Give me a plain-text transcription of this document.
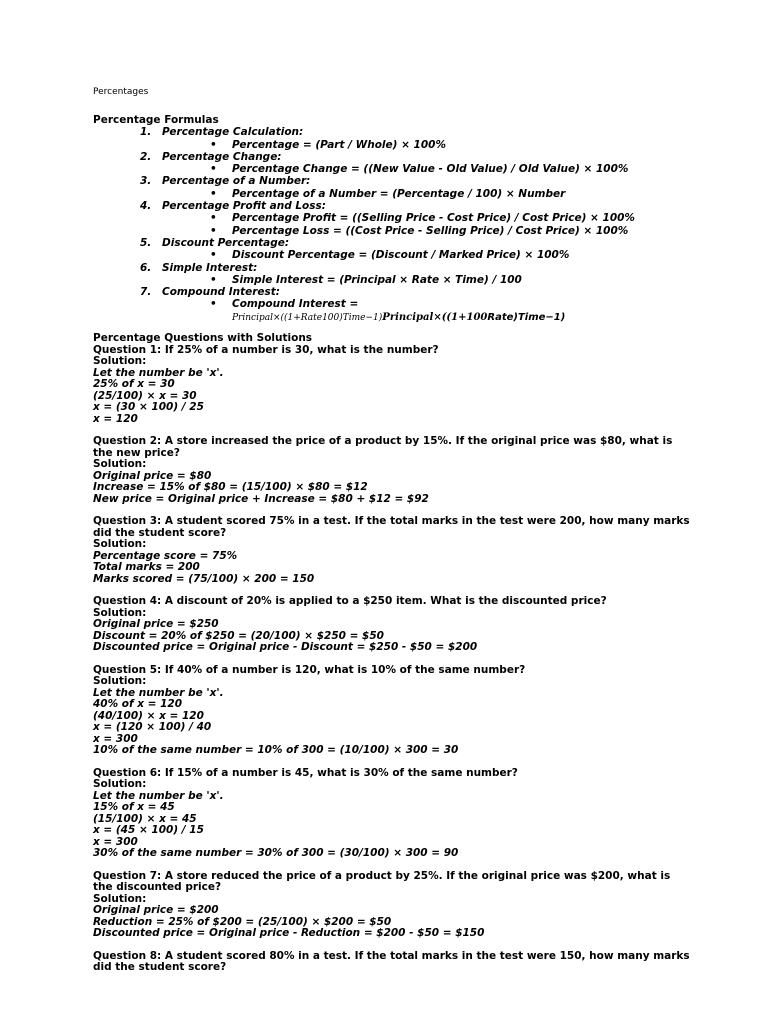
Percentages
Percentage Formulas
1. Percentage Calculation:
• Percentage = (Part / Whole) × 100%
2. Percentage Change:
• Percentage Change = ((New Value - Old Value) / Old Value) × 100%
3. Percentage of a Number:
• Percentage of a Number = (Percentage / 100) × Number
4. Percentage Profit and Loss:
• Percentage Profit = ((Selling Price - Cost Price) / Cost Price) × 100%
• Percentage Loss = ((Cost Price - Selling Price) / Cost Price) × 100%
5. Discount Percentage:
• Discount Percentage = (Discount / Marked Price) × 100%
6. Simple Interest:
• Simple Interest = (Principal × Rate × Time) / 100
7. Compound Interest:
• Compound Interest = Principal×((1+Rate100)Time−1)Principal×((1+100Rate)Time−1)
Percentage Questions with Solutions
Question 1: If 25% of a number is 30, what is the number?
Solution:
Let the number be 'x'.
25% of x = 30
(25/100) × x = 30
x = (30 × 100) / 25
x = 120
Question 2: A store increased the price of a product by 15%. If the original price was $80, what is the new price?
Solution:
Original price = $80
Increase = 15% of $80 = (15/100) × $80 = $12
New price = Original price + Increase = $80 + $12 = $92
Question 3: A student scored 75% in a test. If the total marks in the test were 200, how many marks did the student score?
Solution:
Percentage score = 75%
Total marks = 200
Marks scored = (75/100) × 200 = 150
Question 4: A discount of 20% is applied to a $250 item. What is the discounted price?
Solution:
Original price = $250
Discount = 20% of $250 = (20/100) × $250 = $50
Discounted price = Original price - Discount = $250 - $50 = $200
Question 5: If 40% of a number is 120, what is 10% of the same number?
Solution:
Let the number be 'x'.
40% of x = 120
(40/100) × x = 120
x = (120 × 100) / 40
x = 300
10% of the same number = 10% of 300 = (10/100) × 300 = 30
Question 6: If 15% of a number is 45, what is 30% of the same number?
Solution:
Let the number be 'x'.
15% of x = 45
(15/100) × x = 45
x = (45 × 100) / 15
x = 300
30% of the same number = 30% of 300 = (30/100) × 300 = 90
Question 7: A store reduced the price of a product by 25%. If the original price was $200, what is the discounted price?
Solution:
Original price = $200
Reduction = 25% of $200 = (25/100) × $200 = $50
Discounted price = Original price - Reduction = $200 - $50 = $150
Question 8: A student scored 80% in a test. If the total marks in the test were 150, how many marks did the student score?
